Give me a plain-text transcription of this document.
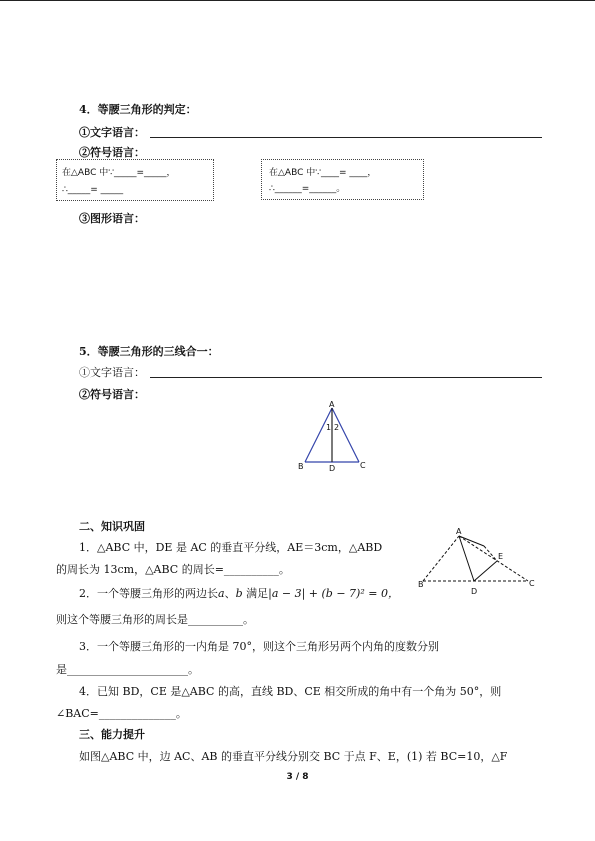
4．等腰三角形的判定：
①文字语言：
②符号语言：
在△ABC 中∵_____=_____，
∴_____= _____
在△ABC 中∵____= ____，
∴______=______。
③图形语言：
5．等腰三角形的三线合一：
①文字语言：
②符号语言：
A
B	C
D
1 2
二、知识巩固
1．△ABC 中，DE 是 AC 的垂直平分线，AE＝3cm，△ABD
的周长为 13cm，△ABC 的周长=__________。
2．一个等腰三角形的两边长a、b 满足|a − 3| + (b − 7)² = 0，
则这个等腰三角形的周长是__________。
3．一个等腰三角形的一内角是 70°，则这个三角形另两个内角的度数分别
是______________________。
4．已知 BD，CE 是△ABC 的高，直线 BD、CE 相交所成的角中有一个角为 50°，则
∠BAC=______________。
A
B	C
D
E
三、能力提升
如图△ABC 中，边 AC、AB 的垂直平分线分别交 BC 于点 F、E，(1) 若 BC=10，△F
3 / 8
